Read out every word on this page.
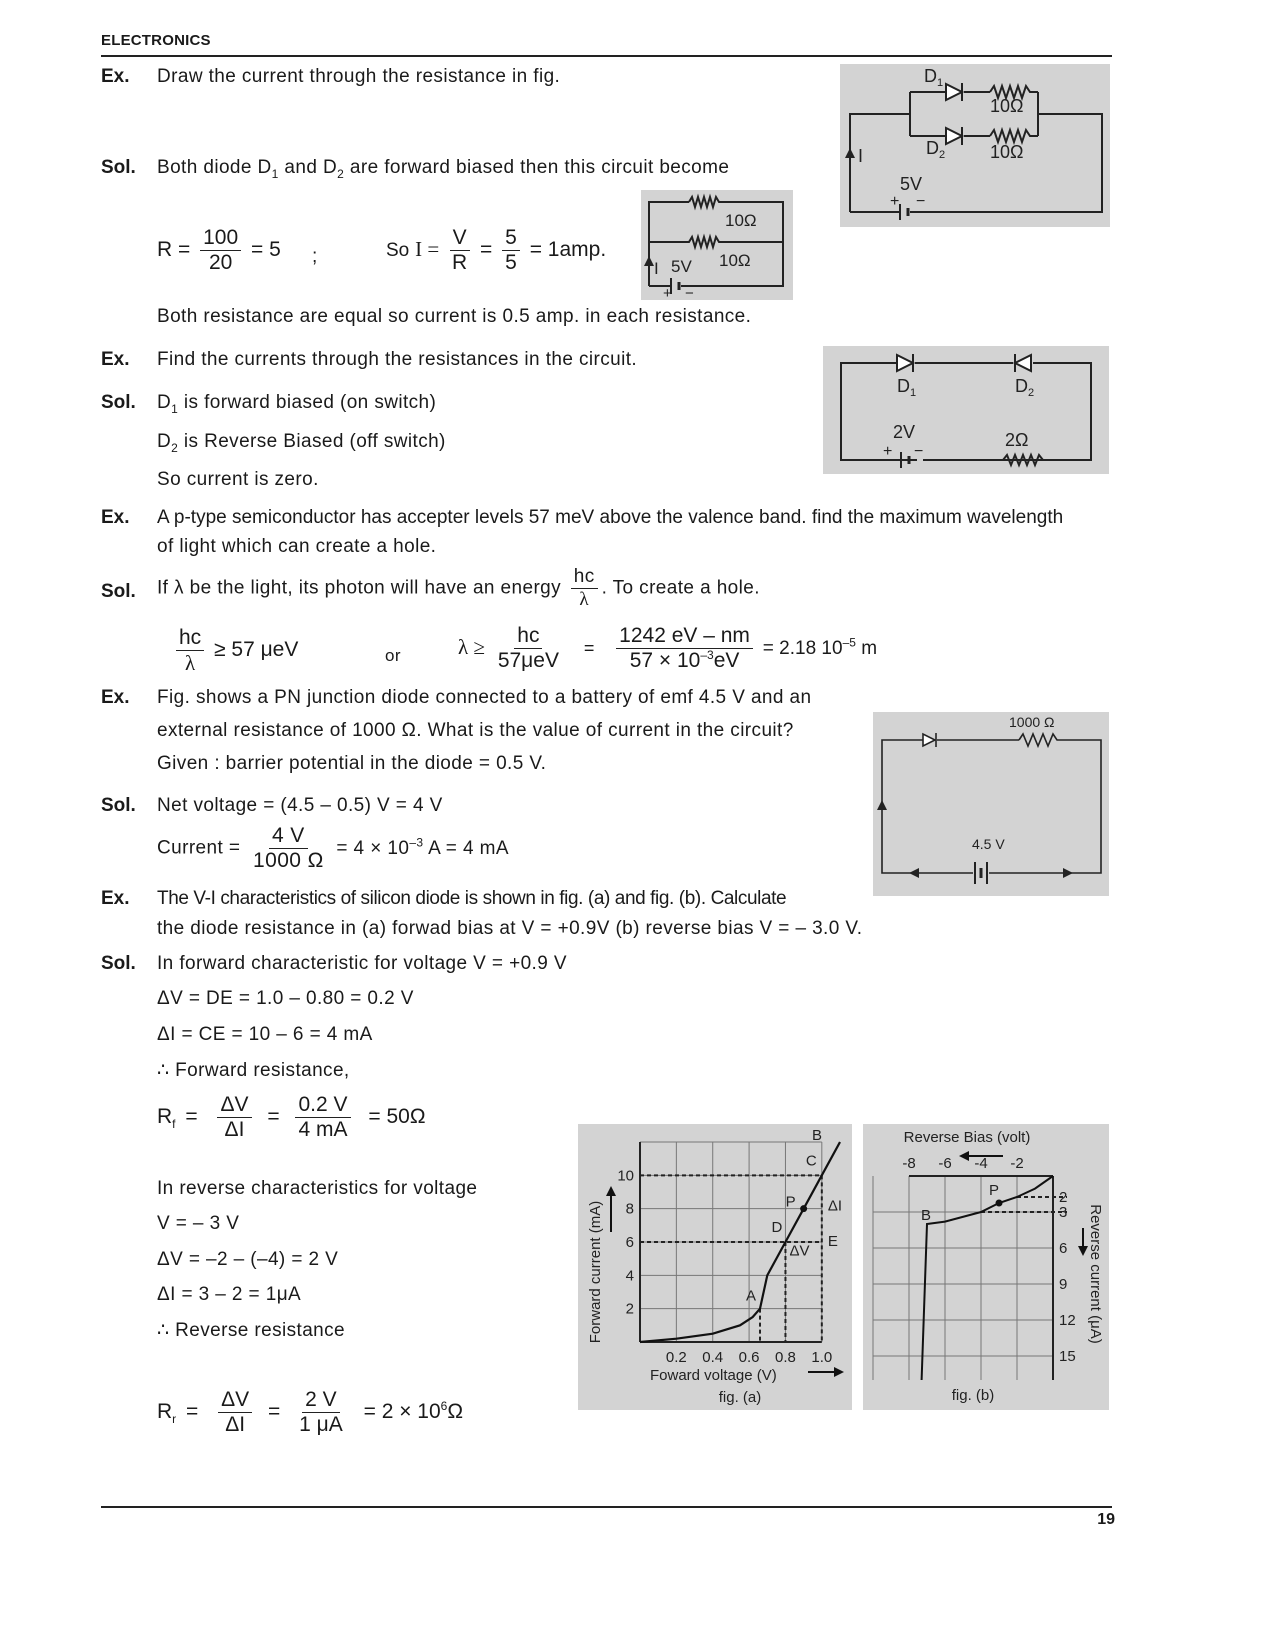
ELECTRONICS
Ex. Draw the current through the resistance in fig.
Sol. Both diode $D_1$ and $D_2$ are forward biased then this circuit become
$R = \frac{100}{20} = 5$ ;	So $I = \frac{V}{R} = \frac{5}{5} = 1amp$.
Both resistance are equal so current is 0.5 amp. in each resistance.
$D_1$
$D_2$
10Ω
10Ω
I
5V
+ −
10Ω
10Ω
I 5V
+ −
Ex. Find the currents through the resistances in the circuit.
Sol. $D_1$ is forward biased (on switch)
$D_2$ is Reverse Biased (off switch)
So current is zero.
$D_1$	$D_2$
2V	2Ω
+ −
Ex. A p-type semiconductor has accepter levels 57 meV above the valence band. find the maximum wavelength
of light which can create a hole.
Sol. If λ be the light, its photon will have an energy $\frac{hc}{\lambda}$ . To create a hole.
$\frac{hc}{\lambda} \ge 57$ μeV	or	$\lambda \ge \frac{hc}{\text{57μeV}} = \frac{1242 eV - nm}{57 \times 10^{-3}eV} = 2.18$ $10^{-5}$ m
Ex. Fig. shows a PN junction diode connected to a battery of emf 4.5 V and an
external resistance of 1000 Ω. What is the value of current in the circuit?
Given : barrier potential in the diode = 0.5 V.
Sol. Net voltage = (4.5 – 0.5) V = 4 V
Current = $\frac{4 V}{1000 \Omega} = 4 \times 10^{-3}$ A = 4 mA
1000 Ω
4.5 V
Ex. The V-I characteristics of silicon diode is shown in fig. (a) and fig. (b). Calculate
the diode resistance in (a) forwad bias at V = +0.9V (b) reverse bias V = – 3.0 V.
Sol. In forward characteristic for voltage V = +0.9 V
ΔV = DE = 1.0 – 0.80 = 0.2 V
ΔI = CE = 10 – 6 = 4 mA
∴ Forward resistance,
$R_f = \frac{\Delta V}{\Delta I} = \frac{0.2 V}{4 mA} = 50\Omega$
In reverse characteristics for voltage
V = – 3 V
ΔV = –2 – (–4) = 2 V
ΔI = 3 – 2 = 1μA
∴ Reverse resistance
$R_r = \frac{\Delta V}{\Delta I} = \frac{2 V}{1 \mu A} = 2 \times 10^6\Omega$
A
D
P
C
E
B
ΔI
ΔV
0.2 0.4 0.6 0.8 1.0
2
4
6
8
10
Forward current (mA)
Foward voltage (V)
fig. (a)
P
B
-8 -6 -4 -2
2
3
6
9
12
15
Reverse Bias (volt)
Reverse current (μA)
fig. (b)
19
